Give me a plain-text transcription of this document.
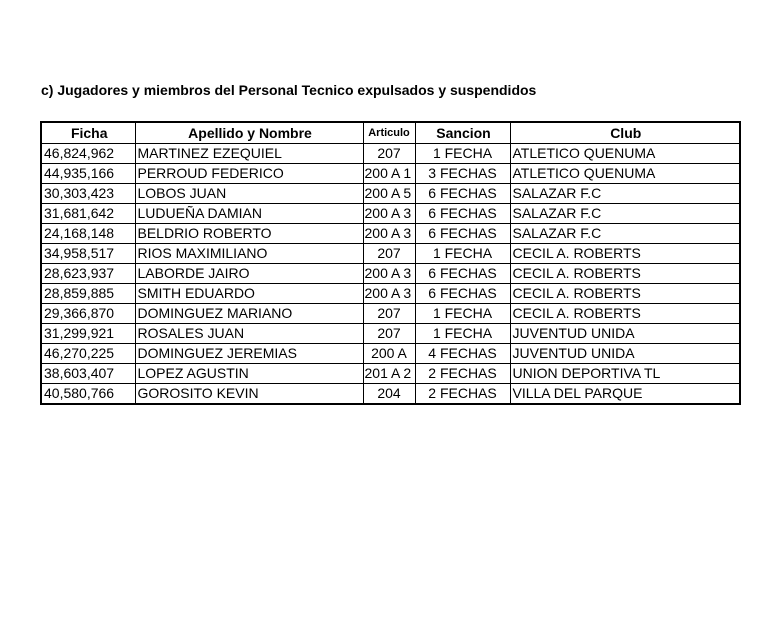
c) Jugadores y miembros del Personal Tecnico expulsados y suspendidos
Ficha	Apellido y Nombre	Articulo	Sancion	Club
46,824,962	MARTINEZ EZEQUIEL	207	1 FECHA	ATLETICO QUENUMA
44,935,166	PERROUD FEDERICO	200 A 1	3 FECHAS	ATLETICO QUENUMA
30,303,423	LOBOS JUAN	200 A 5	6 FECHAS	SALAZAR F.C
31,681,642	LUDUEÑA DAMIAN	200 A 3	6 FECHAS	SALAZAR F.C
24,168,148	BELDRIO ROBERTO	200 A 3	6 FECHAS	SALAZAR F.C
34,958,517	RIOS MAXIMILIANO	207	1 FECHA	CECIL A. ROBERTS
28,623,937	LABORDE JAIRO	200 A 3	6 FECHAS	CECIL A. ROBERTS
28,859,885	SMITH EDUARDO	200 A 3	6 FECHAS	CECIL A. ROBERTS
29,366,870	DOMINGUEZ MARIANO	207	1 FECHA	CECIL A. ROBERTS
31,299,921	ROSALES JUAN	207	1 FECHA	JUVENTUD UNIDA
46,270,225	DOMINGUEZ JEREMIAS	200 A	4 FECHAS	JUVENTUD UNIDA
38,603,407	LOPEZ AGUSTIN	201 A 2	2 FECHAS	UNION DEPORTIVA TL
40,580,766	GOROSITO KEVIN	204	2 FECHAS	VILLA DEL PARQUE
